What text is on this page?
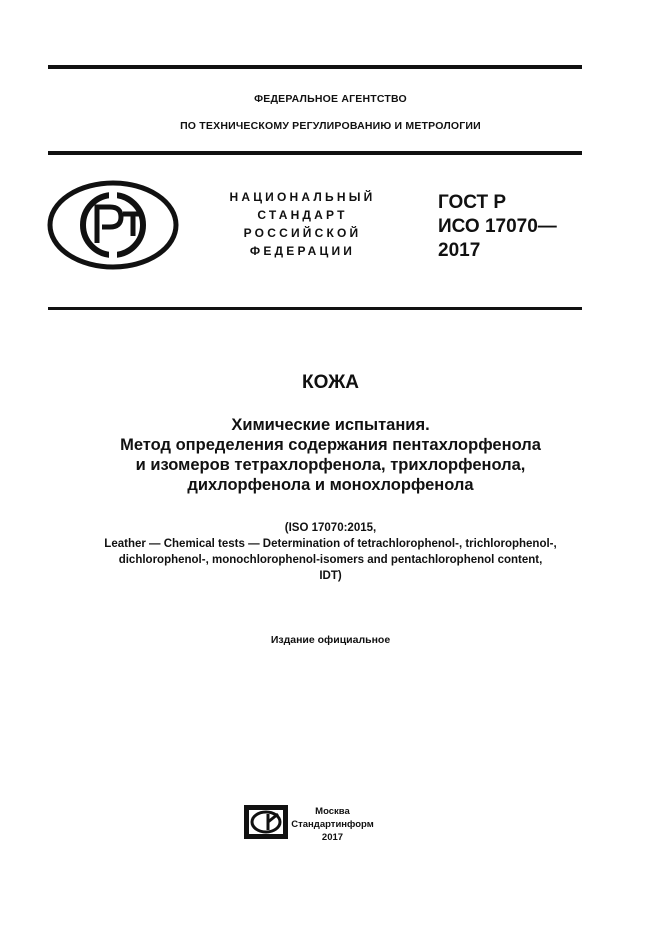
ФЕДЕРАЛЬНОЕ АГЕНТСТВО
ПО ТЕХНИЧЕСКОМУ РЕГУЛИРОВАНИЮ И МЕТРОЛОГИИ
НАЦИОНАЛЬНЫЙ
СТАНДАРТ
РОССИЙСКОЙ
ФЕДЕРАЦИИ
ГОСТ Р
ИСО 17070—
2017
КОЖА
Химические испытания.
Метод определения содержания пентахлорфенола
и изомеров тетрахлорфенола, трихлорфенола,
дихлорфенола и монохлорфенола
(ISO 17070:2015,
Leather — Chemical tests — Determination of tetrachlorophenol-, trichlorophenol-,
dichlorophenol-, monochlorophenol-isomers and pentachlorophenol content,
IDT)
Издание официальное
Москва
Стандартинформ
2017
